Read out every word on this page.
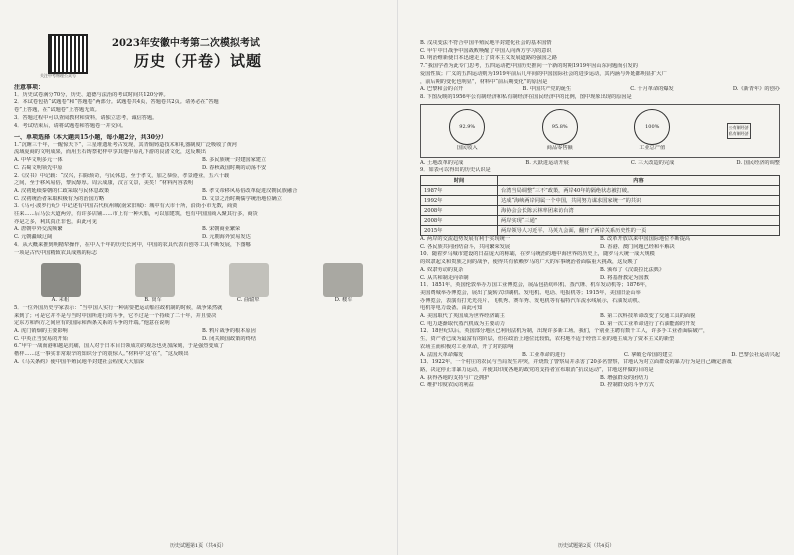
关注中考物理公众号
2023年安徽中考第二次模拟考试
历史（开卷）试题
注意事项：
1．历史试卷满分70分，历史、道德与法治的考试时间共120分钟。
2．本试卷包括“试题卷”和“答题卷”两部分。试题卷共4页，答题卷共2页。请务必在“答题
卷”上答题，在“试题卷”上答题无效。
3．答题过程中可以查阅教材和资料，请独立思考，诚信答题。
4．考试结束后，请将试题卷和答题卷一并交回。
一、单项选择（本大题共15小题，每小题2分，共30分）
1.“沉睡三千年，一醒惊天下”，三星堆遗址考古发现，其青铜铸造技术和礼器制度广泛吸收了黄河
流域夏商的文明成果，而用玉石铸祭祀样中享其他中原礼下游的良渚文化，这反映出
A. 中华文明多元一体	B. 多民族统一封建国家建立
C. 古蜀文明领先中原	D. 春秋战国时期的动荡不安
2.《汉书》中记载：“汉兴，扫除烦苛，与民休息，至于孝文，加之恭俭，孝景遵业，五六十载
之间，至于移风易俗，黎民醇厚。周云成康，汉言文景，美矣！”材料内容表明
A. 汉初延续秦朝的仁政采取与民休息政策	B. 孝文帝移风易俗改革促进汉朝民族融合
C. 汉初统治者采取积极有为的治国方略	D. 文景之治时期儒学统治地位确立
3.《马可·波罗行纪》中记述有中国古代杭州城(南宋旧城)：城中有大市十所，沿街小市无数，商贾
往来……后马公大道两旁，有许多店铺……市上有一种大船，可以加建筑，也有中国国商入聚其行多，商货
亦是之多，利其真正非也，由此可见
A. 唐朝中外交流频繁	B. 宋朝商业繁荣
C. 元朝疆域辽阔	D. 元朝海外贸易发达
4．从大概来推到明精犁操作，在中人千年的历史长河中，中国的农具代表百创等工具不断发展，下图哪
一项是古代中国精致农具成熟的标志
A. 耒耜	B. 筒车	C. 曲辕犁	D. 耧车
5．一位外国历史学家表示：“当中国人实行一种需要把运动船往政机制的时候，战争果然就
来到了；可是它并不是与当时中国所进行的斗争，它不过是一个持续了二十年，并且要决
定东方和西方之间应有的国际和西条关系的斗争的开端。”他意在说明
A. 虎门销烟的主要影响	B. 鸦片战争的根本原因
C. 中英正当贸易的开始	D. 闭关锁国政策的终结
6.“甲午一战而港和越是沉痛，国人对于日本目日领成功的观念也更加深刻，于是强烈变成了
楷样……这一事实非常艰辛的知识分子的震惊人。”材料中‘这’在”，“这反映出
A.《马关条约》使中国半殖民地半封建社会程度大大加深
历史试题第1页（共4页）
B. 戊戌变法不符合中国半殖民地半封建化社会的基本国情
C. 甲午中日战争中国战败唤醒了中国人向西方学习的意识
D. 明治维新使日本迅速走上了资本主义发展道路的强国之路
7.“我国学者为此专门思考，五四运动把中国历史推向一个新的时期1919年因山东问题而引发的
爱国性质；广义的五四运动则为1919年前后几年间的中国国际社会的进步运动，其内涵与外延都明显扩大广
，前后期的变化也明显”，材料中“前后期变化”的原因是
A. 巴黎和会的召开	B. 中国共产党的诞生	C. 十月革命的爆发	D.《新青年》的创办
8. 下图反映的1956年公有制经济和私有制经济在国民经济中的比例，图中现象出现的原因是
92.9%
国民收入
95.8%
商品零售额
100%
工业总产值
公有制经济
私有制经济
A. 土地改革的完成	B. 大跃进运动开展	C. 三大改造的完成	D. 国民经济的调整
9．如表可以得出的历史认识是
时间	内容
1987年	台湾当局调整“三不”政策，两岸40年的隔绝状态被打破。
1992年	达成“海峡两岸同属一个中国，共同努力谋求国家统一”的共识
2008年	海协会会长陈云林率团来访台湾
2008年	两岸实现“三通”
2015年	两岸领导人习近平、马英九会面，翻开了两岸关系历史性的一页
A. 两岸的交流趋势发展有利于实现统一	B. 改革开放以来中国国际地位不断提高
C. 各民族共同团结奋斗，共同繁荣发展	D. 香港、澳门问题已经和平解决
10．随着罗马城市建设的日益庞大的称霸，在罗马统治的地中海世界的历史上，随罗马大统一成大规模
的奴隶起义和贵族之间的战争，使得共有依赖罗马的广大的军事统治者面临重大挑战，这反映了
A. 奴隶劳动的复杂	B. 颁布了《汉谟拉比法典》
C. 从共和制走向帝制	D. 将基督教定为国教
11．1851年，英国伦敦举办万国工业博览会，展品包括纺织机、蒸汽锤、机车发动机等；1876年，
美国费城举办博览会，展出了旋转式印刷机、发电机、电话、电报机等；1915年，美国旧金山举
办博览会，表演有打光光亮片、飞机秀、赛车秀、发电机等有福特汽车流水线展示，石油发动机、
电机等电力设备。由此可知
A. 美国取代了英国成为世界经济霸主	B. 第二次科技革命改变了交通工具的面貌
C. 电力逐渐取代蒸汽机成为主要动力	D. 第一次工业革命进行了石油能源的开发
12．18世纪以后，英国部分地区已利用法机为制，出现许多新工场。我们，个别业主聘有数千工人，许多手工业者面临破产，
生，资产者已成为最富有的阶层，但在政治上地位比较低，农村地不适于经营工业的地主成为了资本主义的新型
农场主而积极对工业革命，开了对的影响
A. 法国大革命爆发	B. 工业革命的进行	C. 拿破仑帝国的建立	D. 巴黎公社运动兴起
13．1922年，一个村庄的农民与当局发生冲突，并烧毁了警察局并杀害了20多名警察，甘地认为对立面群众的暴力行为是自己确定游戏
路，决定停止非暴力运动，并使其印度各地的政党的支持者宣布取消“抗议运动”，甘地这样做的目的是
A. 获得各地的支持与广泛拥护	B. 增强群众的团结力
C. 维护印度农民的利益	D. 控制群众的斗争方式
历史试题第2页（共4页）
